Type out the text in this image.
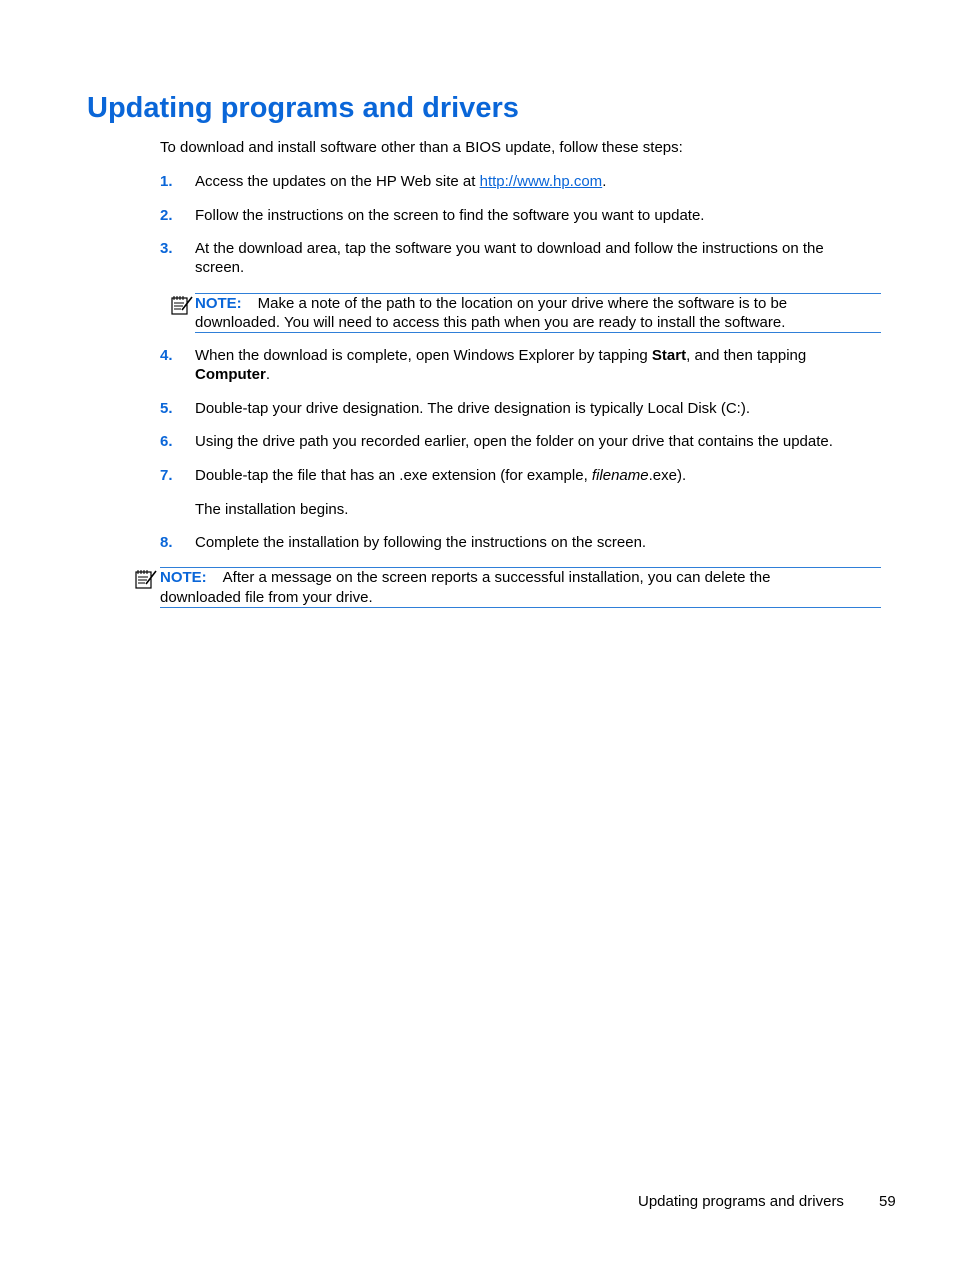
Updating programs and drivers
To download and install software other than a BIOS update, follow these steps:
1. Access the updates on the HP Web site at http://www.hp.com.
2. Follow the instructions on the screen to find the software you want to update.
3. At the download area, tap the software you want to download and follow the instructions on the
screen.
NOTE: Make a note of the path to the location on your drive where the software is to be
downloaded. You will need to access this path when you are ready to install the software.
4. When the download is complete, open Windows Explorer by tapping Start, and then tapping
Computer.
5. Double-tap your drive designation. The drive designation is typically Local Disk (C:).
6. Using the drive path you recorded earlier, open the folder on your drive that contains the update.
7. Double-tap the file that has an .exe extension (for example, filename.exe).
The installation begins.
8. Complete the installation by following the instructions on the screen.
NOTE: After a message on the screen reports a successful installation, you can delete the
downloaded file from your drive.
Updating programs and drivers 59
